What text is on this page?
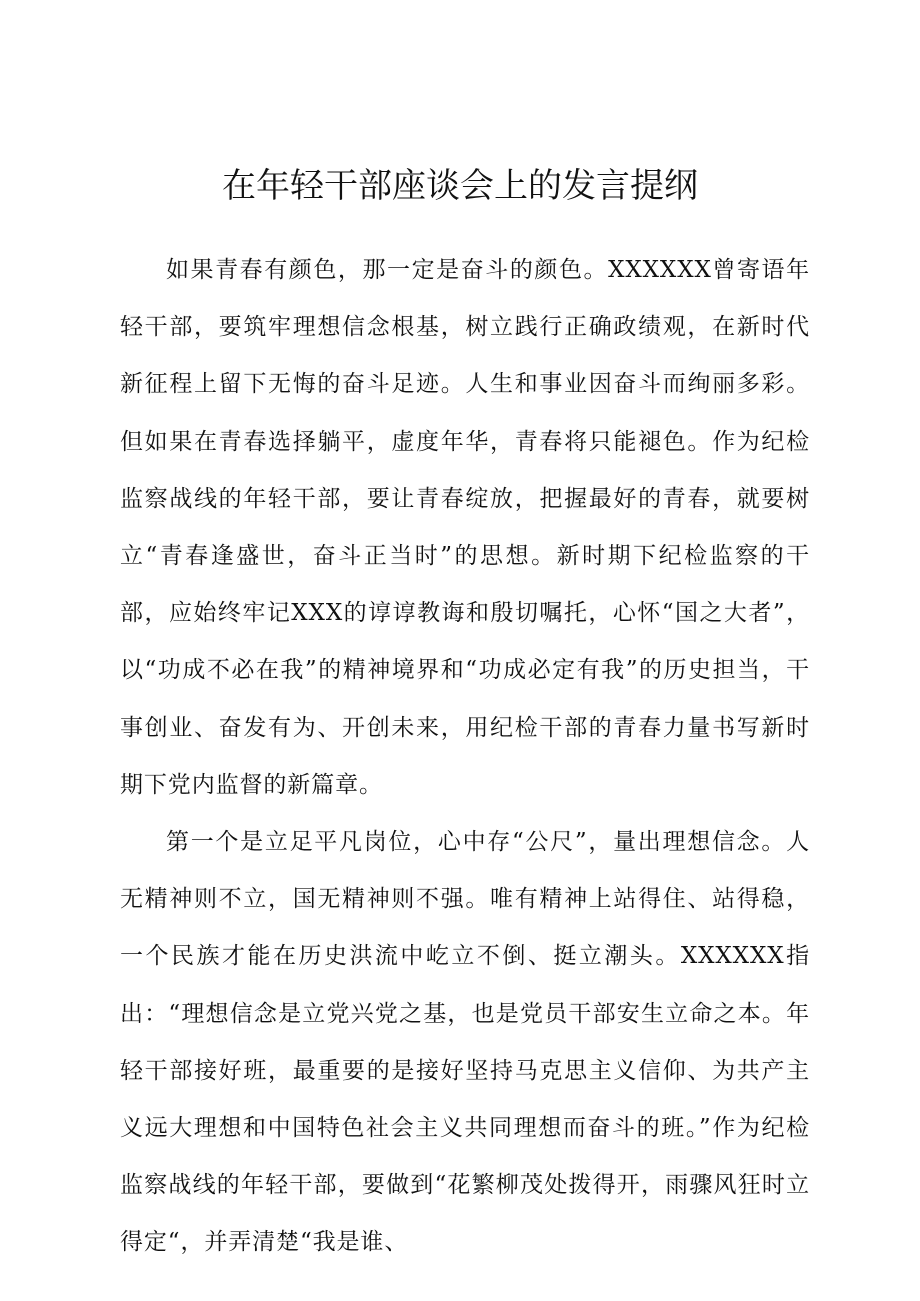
在年轻干部座谈会上的发言提纲

如果青春有颜色，那一定是奋斗的颜色。XXXXXX曾寄语年轻干部，要筑牢理想信念根基，树立践行正确政绩观，在新时代新征程上留下无悔的奋斗足迹。人生和事业因奋斗而绚丽多彩。但如果在青春选择躺平，虚度年华，青春将只能褪色。作为纪检监察战线的年轻干部，要让青春绽放，把握最好的青春，就要树立“青春逢盛世，奋斗正当时”的思想。新时期下纪检监察的干部，应始终牢记XXX的谆谆教诲和殷切嘱托，心怀“国之大者”，以“功成不必在我”的精神境界和“功成必定有我”的历史担当，干事创业、奋发有为、开创未来，用纪检干部的青春力量书写新时期下党内监督的新篇章。

第一个是立足平凡岗位，心中存“公尺”，量出理想信念。人无精神则不立，国无精神则不强。唯有精神上站得住、站得稳，一个民族才能在历史洪流中屹立不倒、挺立潮头。XXXXXX指出：“理想信念是立党兴党之基，也是党员干部安生立命之本。年轻干部接好班，最重要的是接好坚持马克思主义信仰、为共产主义远大理想和中国特色社会主义共同理想而奋斗的班。”作为纪检监察战线的年轻干部，要做到“花繁柳茂处拨得开，雨骤风狂时立得定“，并弄清楚“我是谁、
